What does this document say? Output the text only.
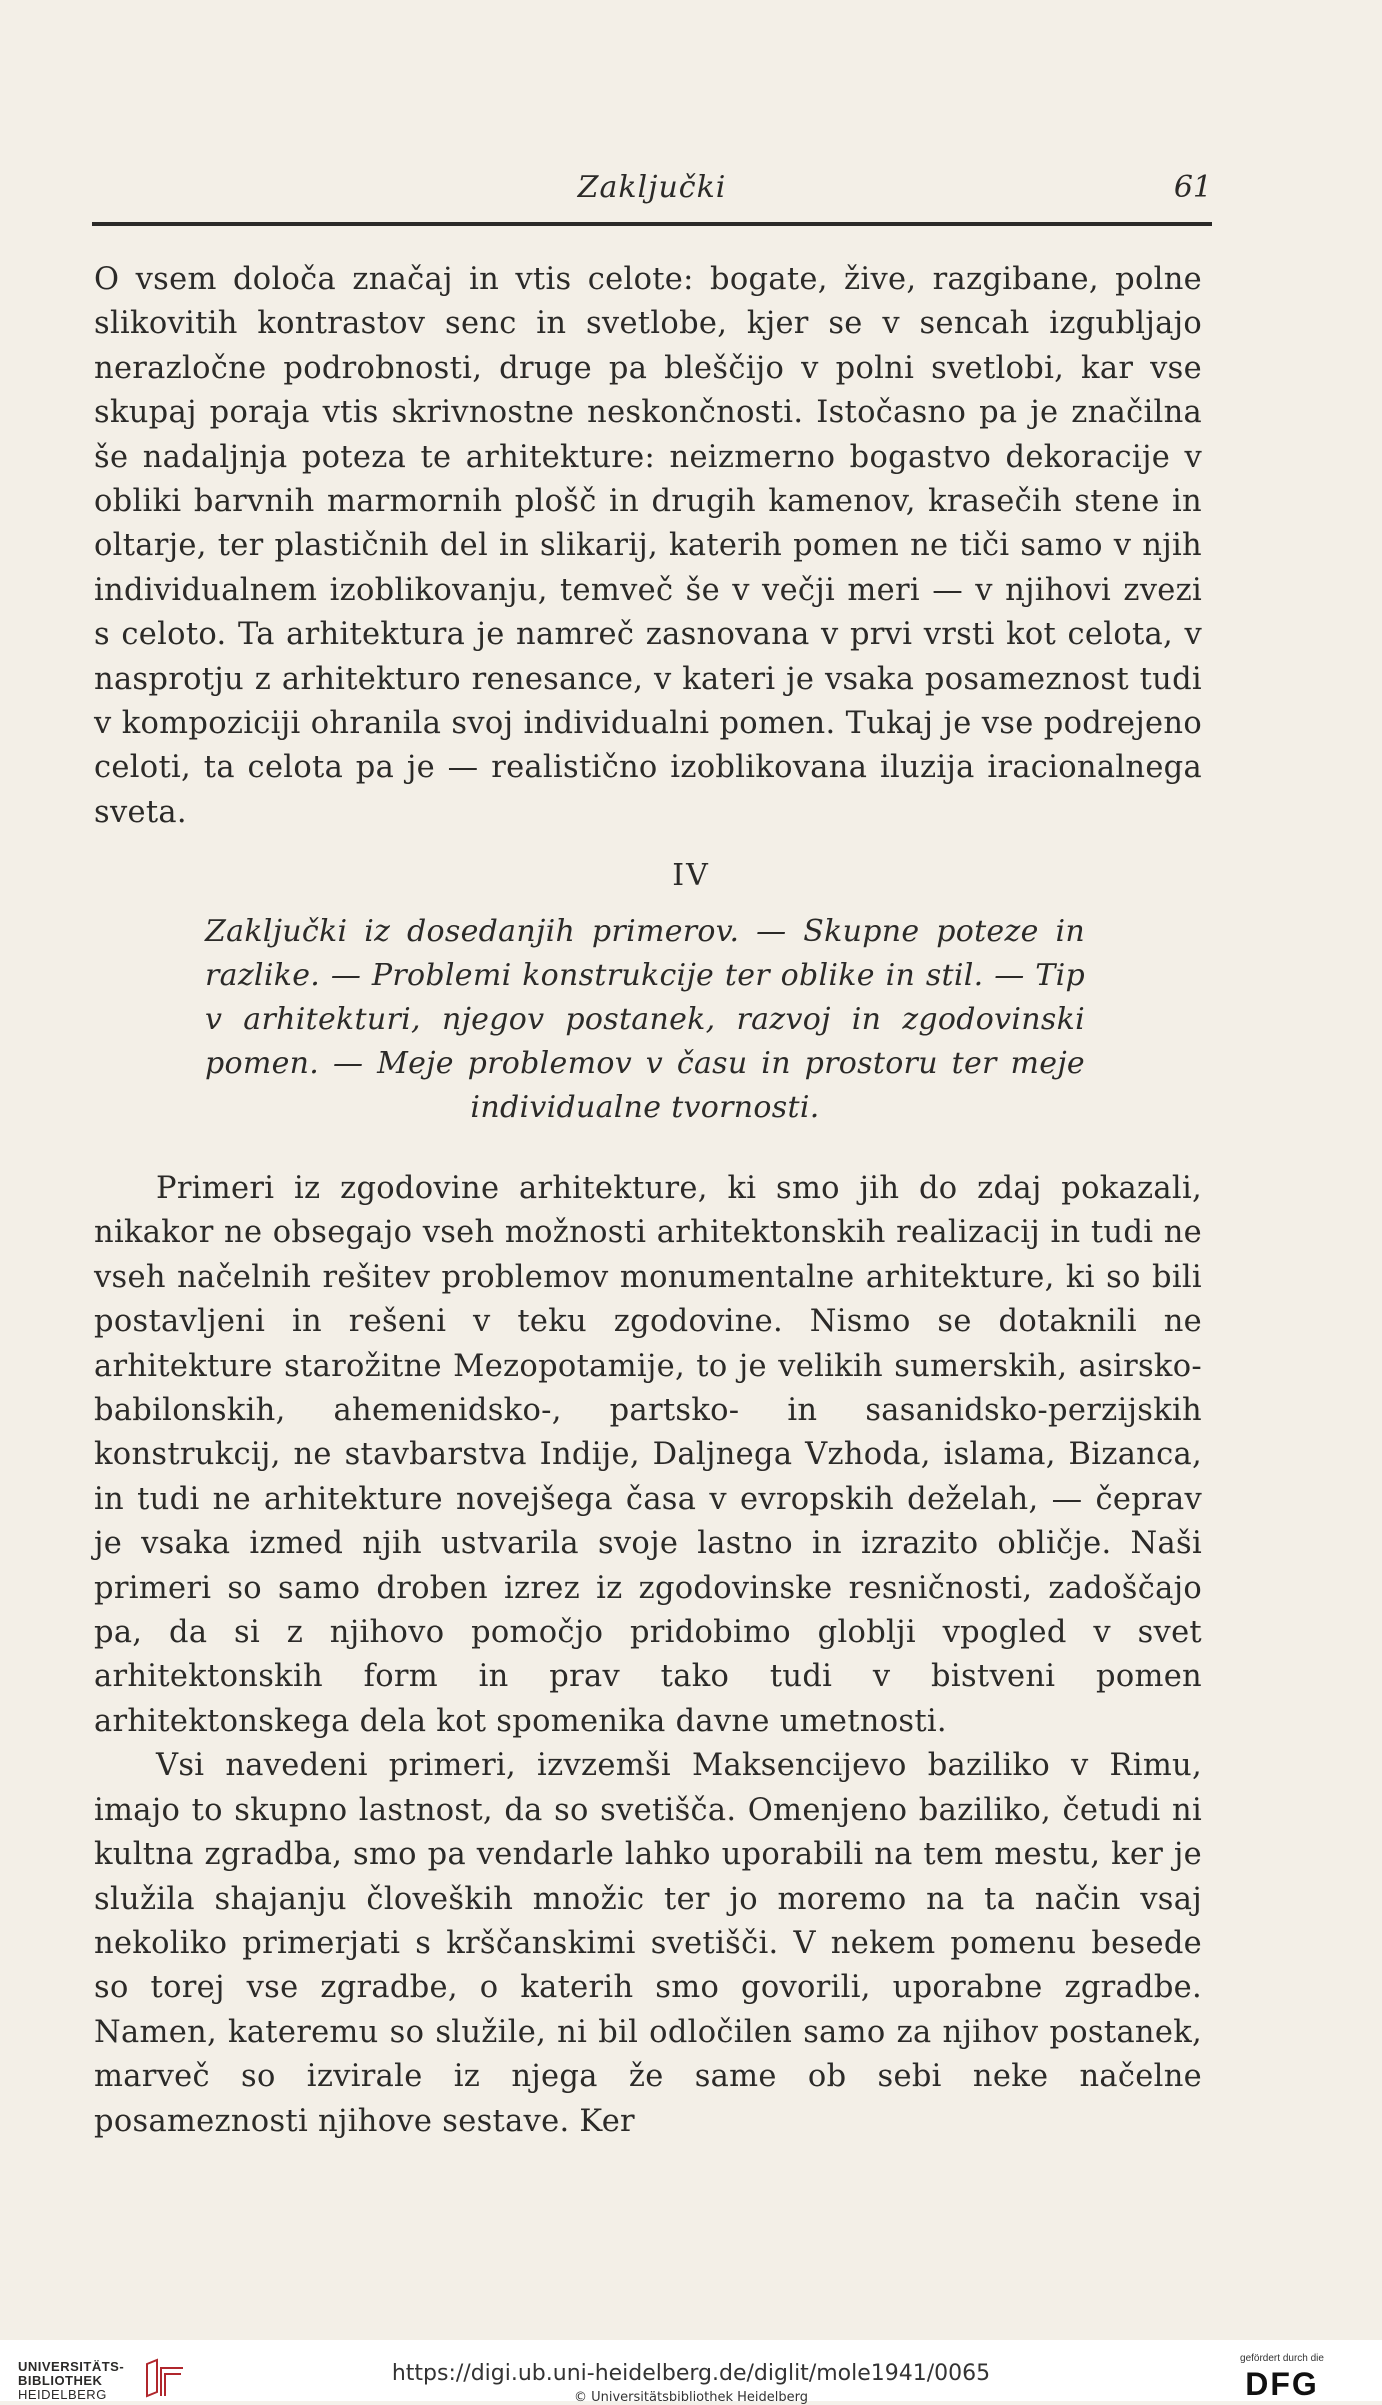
Zaključki	61

O vsem določa značaj in vtis celote: bogate, žive, razgibane, polne slikovitih kontrastov senc in svetlobe, kjer se v sencah izgubljajo nerazločne podrobnosti, druge pa bleščijo v polni svetlobi, kar vse skupaj poraja vtis skrivnostne neskončnosti. Istočasno pa je značilna še nadaljnja poteza te arhitekture: neizmerno bogastvo dekoracije v obliki barvnih marmornih plošč in drugih kamenov, krasečih stene in oltarje, ter plastičnih del in slikarij, katerih pomen ne tiči samo v njih individualnem izoblikovanju, temveč še v večji meri — v njihovi zvezi s celoto. Ta arhitektura je namreč zasnovana v prvi vrsti kot celota, v nasprotju z arhitekturo renesance, v kateri je vsaka posameznost tudi v kompoziciji ohranila svoj individualni pomen. Tukaj je vse podrejeno celoti, ta celota pa je — realistično izoblikovana iluzija iracionalnega sveta.

IV
Zaključki iz dosedanjih primerov. — Skupne poteze in razlike. — Problemi konstrukcije ter oblike in stil. — Tip v arhitekturi, njegov postanek, razvoj in zgodovinski pomen. — Meje problemov v času in prostoru ter meje individualne tvornosti.

Primeri iz zgodovine arhitekture, ki smo jih do zdaj pokazali, nikakor ne obsegajo vseh možnosti arhitektonskih realizacij in tudi ne vseh načelnih rešitev problemov monumentalne arhitekture, ki so bili postavljeni in rešeni v teku zgodovine. Nismo se dotaknili ne arhitekture starožitne Mezopotamije, to je velikih sumerskih, asirsko-babilonskih, ahemenidsko-, partsko- in sasanidsko-perzijskih konstrukcij, ne stavbarstva Indije, Daljnega Vzhoda, islama, Bizanca, in tudi ne arhitekture novejšega časa v evropskih deželah, — čeprav je vsaka izmed njih ustvarila svoje lastno in izrazito obličje. Naši primeri so samo droben izrez iz zgodovinske resničnosti, zadoščajo pa, da si z njihovo pomočjo pridobimo globlji vpogled v svet arhitektonskih form in prav tako tudi v bistveni pomen arhitektonskega dela kot spomenika davne umetnosti.

Vsi navedeni primeri, izvzemši Maksencijevo baziliko v Rimu, imajo to skupno lastnost, da so svetišča. Omenjeno baziliko, četudi ni kultna zgradba, smo pa vendarle lahko uporabili na tem mestu, ker je služila shajanju človeških množic ter jo moremo na ta način vsaj nekoliko primerjati s krščanskimi svetišči. V nekem pomenu besede so torej vse zgradbe, o katerih smo govorili, uporabne zgradbe. Namen, kateremu so služile, ni bil odločilen samo za njihov postanek, marveč so izvirale iz njega že same ob sebi neke načelne posameznosti njihove sestave. Ker

UNIVERSITÄTS-
BIBLIOTHEK
HEIDELBERG
https://digi.ub.uni-heidelberg.de/diglit/mole1941/0065
© Universitätsbibliothek Heidelberg
gefördert durch die
DFG
